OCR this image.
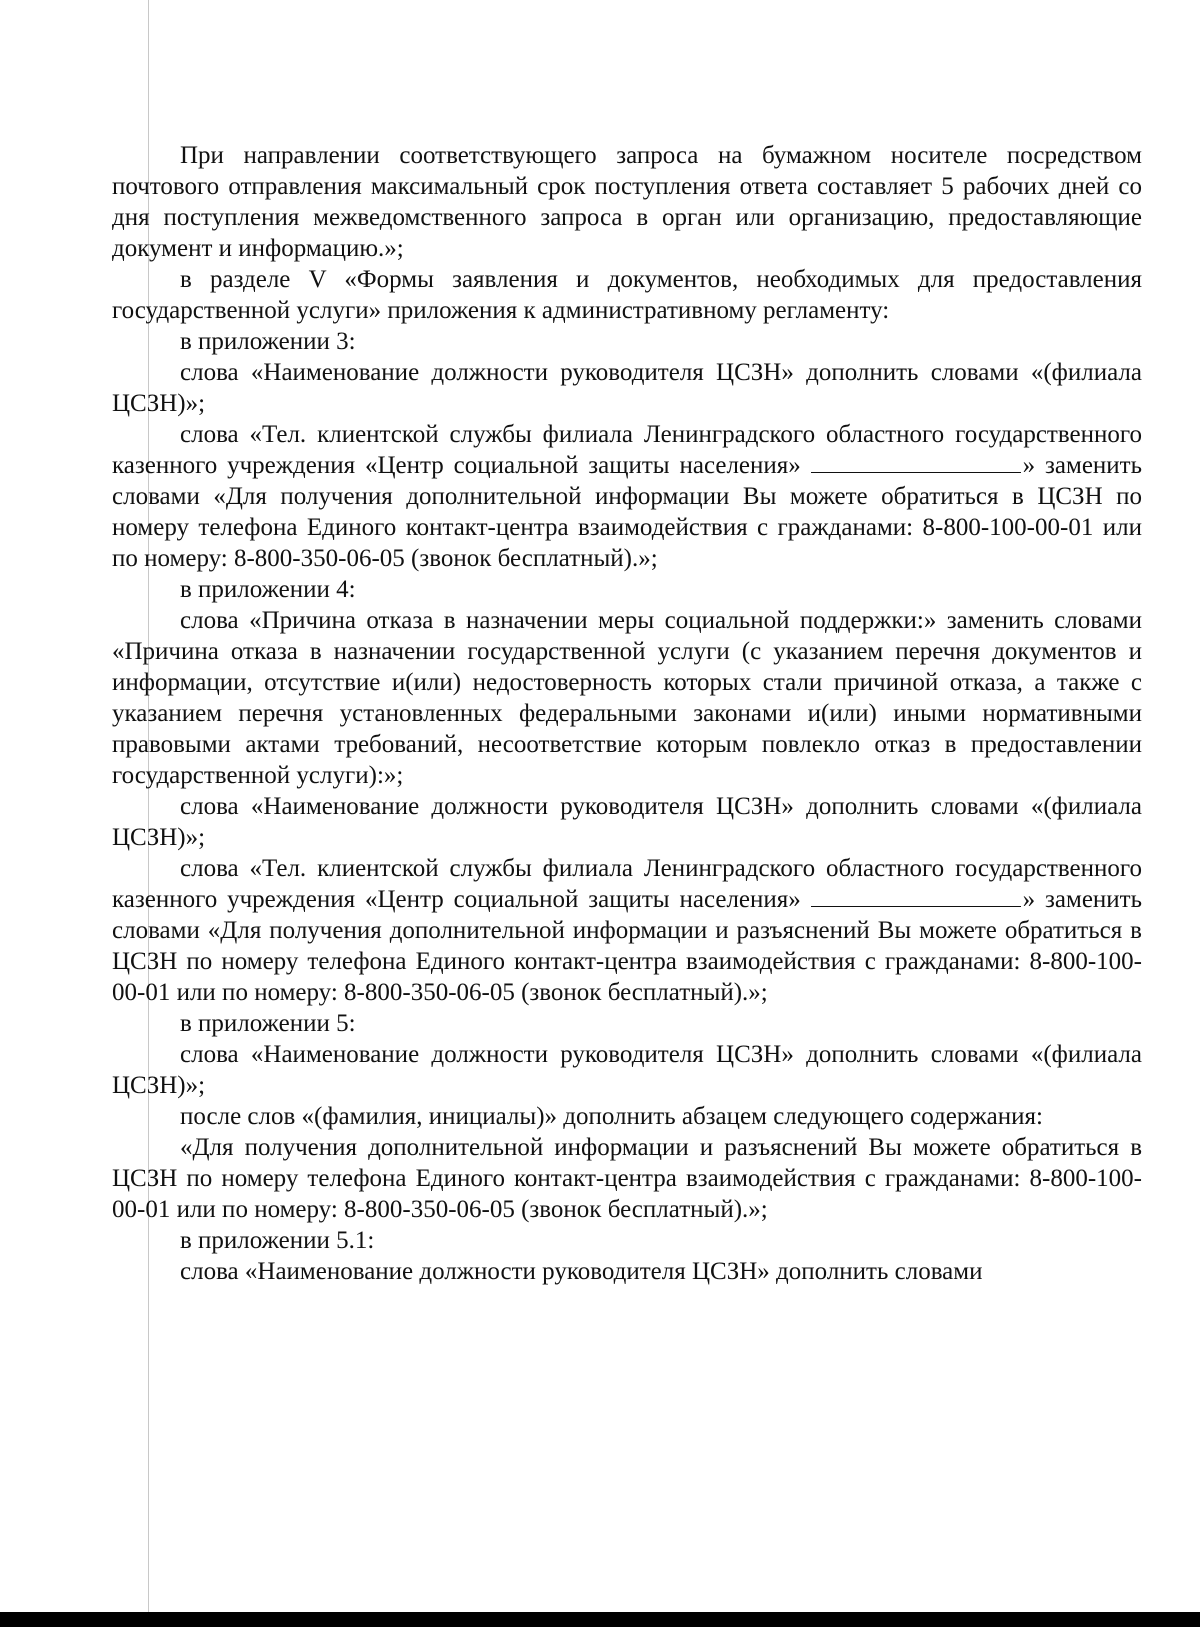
При направлении соответствующего запроса на бумажном носителе посредством почтового отправления максимальный срок поступления ответа составляет 5 рабочих дней со дня поступления межведомственного запроса в орган или организацию, предоставляющие документ и информацию.»;

в разделе V «Формы заявления и документов, необходимых для предоставления государственной услуги» приложения к административному регламенту:

в приложении 3:

слова «Наименование должности руководителя ЦСЗН» дополнить словами «(филиала ЦСЗН)»;

слова «Тел. клиентской службы филиала Ленинградского областного государственного казенного учреждения «Центр социальной защиты населения»	» заменить словами «Для получения дополнительной информации Вы можете обратиться в ЦСЗН по номеру телефона Единого контакт-центра взаимодействия с гражданами: 8-800-100-00-01 или по номеру: 8-800-350-06-05 (звонок бесплатный).»;

в приложении 4:

слова «Причина отказа в назначении меры социальной поддержки:» заменить словами «Причина отказа в назначении государственной услуги (с указанием перечня документов и информации, отсутствие и(или) недостоверность которых стали причиной отказа, а также с указанием перечня установленных федеральными законами и(или) иными нормативными правовыми актами требований, несоответствие которым повлекло отказ в предоставлении государственной услуги):»;

слова «Наименование должности руководителя ЦСЗН» дополнить словами «(филиала ЦСЗН)»;

слова «Тел. клиентской службы филиала Ленинградского областного государственного казенного учреждения «Центр социальной защиты населения»	» заменить словами «Для получения дополнительной информации и разъяснений Вы можете обратиться в ЦСЗН по номеру телефона Единого контакт-центра взаимодействия с гражданами: 8-800-100-00-01 или по номеру: 8-800-350-06-05 (звонок бесплатный).»;

в приложении 5:

слова «Наименование должности руководителя ЦСЗН» дополнить словами «(филиала ЦСЗН)»;

после слов «(фамилия, инициалы)» дополнить абзацем следующего содержания:

«Для получения дополнительной информации и разъяснений Вы можете обратиться в ЦСЗН по номеру телефона Единого контакт-центра взаимодействия с гражданами: 8-800-100-00-01 или по номеру: 8-800-350-06-05 (звонок бесплатный).»;

в приложении 5.1:

слова «Наименование должности руководителя ЦСЗН» дополнить словами
